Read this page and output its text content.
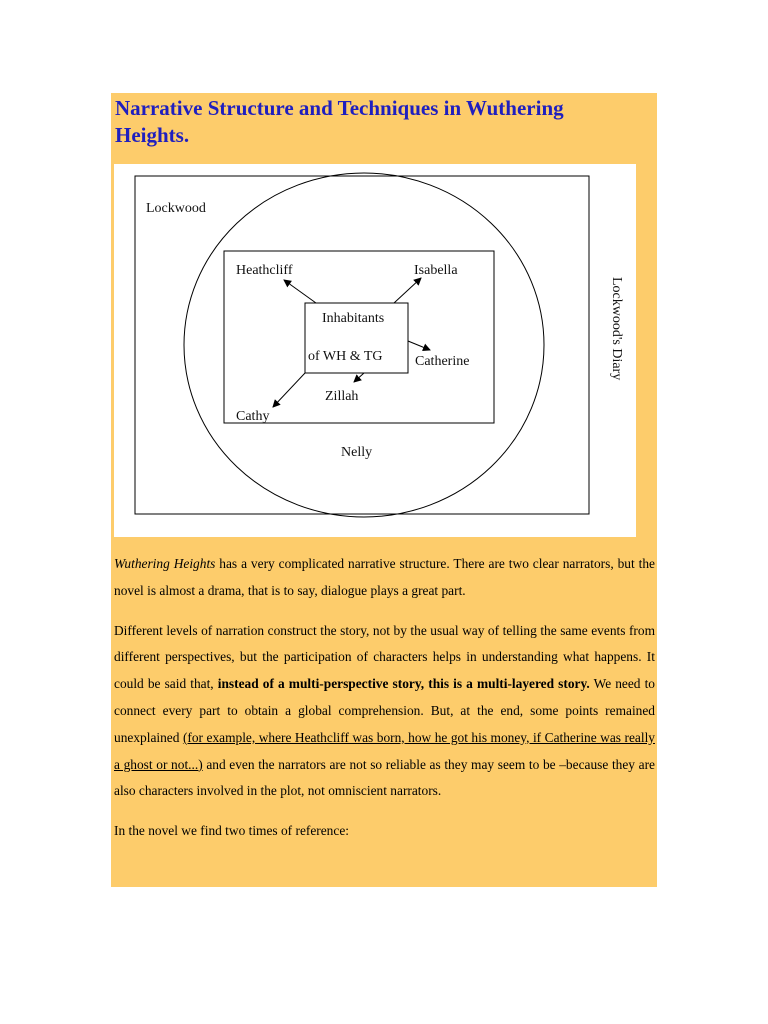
Narrative Structure and Techniques in Wuthering Heights.
Lockwood
Heathcliff	Isabella
Inhabitants
of WH & TG Catherine
Zillah
Cathy
Nelly
Lockwood's Diary

Wuthering Heights has a very complicated narrative structure. There are two clear narrators, but the novel is almost a drama, that is to say, dialogue plays a great part.

Different levels of narration construct the story, not by the usual way of telling the same events from different perspectives, but the participation of characters helps in understanding what happens. It could be said that, instead of a multi-perspective story, this is a multi-layered story. We need to connect every part to obtain a global comprehension. But, at the end, some points remained unexplained (for example, where Heathcliff was born, how he got his money, if Catherine was really a ghost or not...) and even the narrators are not so reliable as they may seem to be –because they are also characters involved in the plot, not omniscient narrators.

In the novel we find two times of reference:
